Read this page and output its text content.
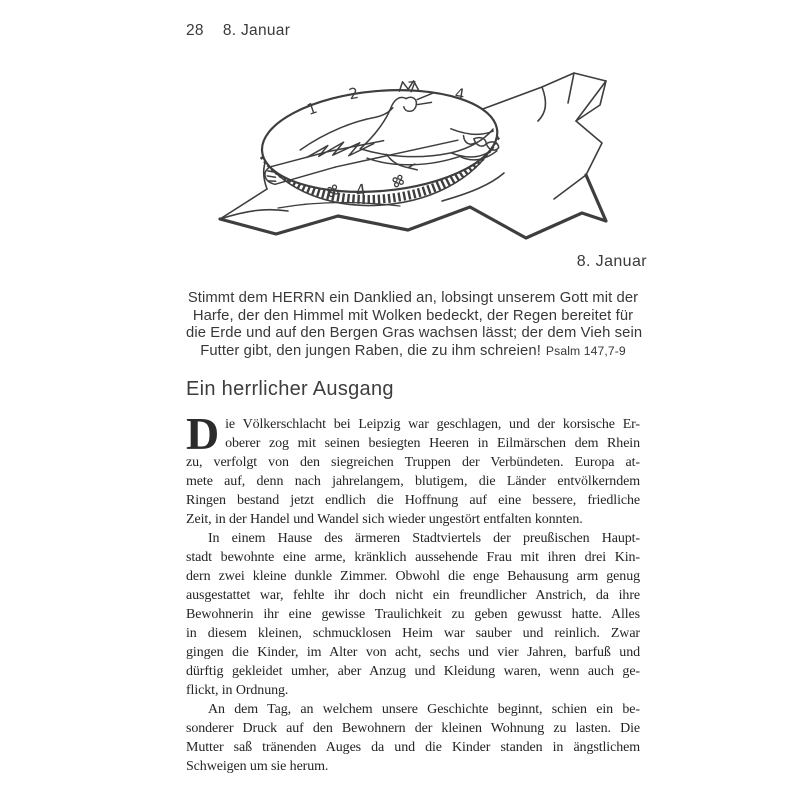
28 8. Januar
1
2	7 4
4
8. Januar
Stimmt dem HERRN ein Danklied an, lobsingt unserem Gott mit der
Harfe, der den Himmel mit Wolken bedeckt, der Regen bereitet für
die Erde und auf den Bergen Gras wachsen lässt; der dem Vieh sein
Futter gibt, den jungen Raben, die zu ihm schreien! Psalm 147,7-9
Ein herrlicher Ausgang
D ie Völkerschlacht bei Leipzig war geschlagen, und der korsische Er-
oberer zog mit seinen besiegten Heeren in Eilmärschen dem Rhein
zu, verfolgt von den siegreichen Truppen der Verbündeten. Europa at-
mete auf, denn nach jahrelangem, blutigem, die Länder entvölkerndem
Ringen bestand jetzt endlich die Hoffnung auf eine bessere, friedliche
Zeit, in der Handel und Wandel sich wieder ungestört entfalten konnten.
In einem Hause des ärmeren Stadtviertels der preußischen Haupt-
stadt bewohnte eine arme, kränklich aussehende Frau mit ihren drei Kin-
dern zwei kleine dunkle Zimmer. Obwohl die enge Behausung arm genug
ausgestattet war, fehlte ihr doch nicht ein freundlicher Anstrich, da ihre
Bewohnerin ihr eine gewisse Traulichkeit zu geben gewusst hatte. Alles
in diesem kleinen, schmucklosen Heim war sauber und reinlich. Zwar
gingen die Kinder, im Alter von acht, sechs und vier Jahren, barfuß und
dürftig gekleidet umher, aber Anzug und Kleidung waren, wenn auch ge-
flickt, in Ordnung.
An dem Tag, an welchem unsere Geschichte beginnt, schien ein be-
sonderer Druck auf den Bewohnern der kleinen Wohnung zu lasten. Die
Mutter saß tränenden Auges da und die Kinder standen in ängstlichem
Schweigen um sie herum.
